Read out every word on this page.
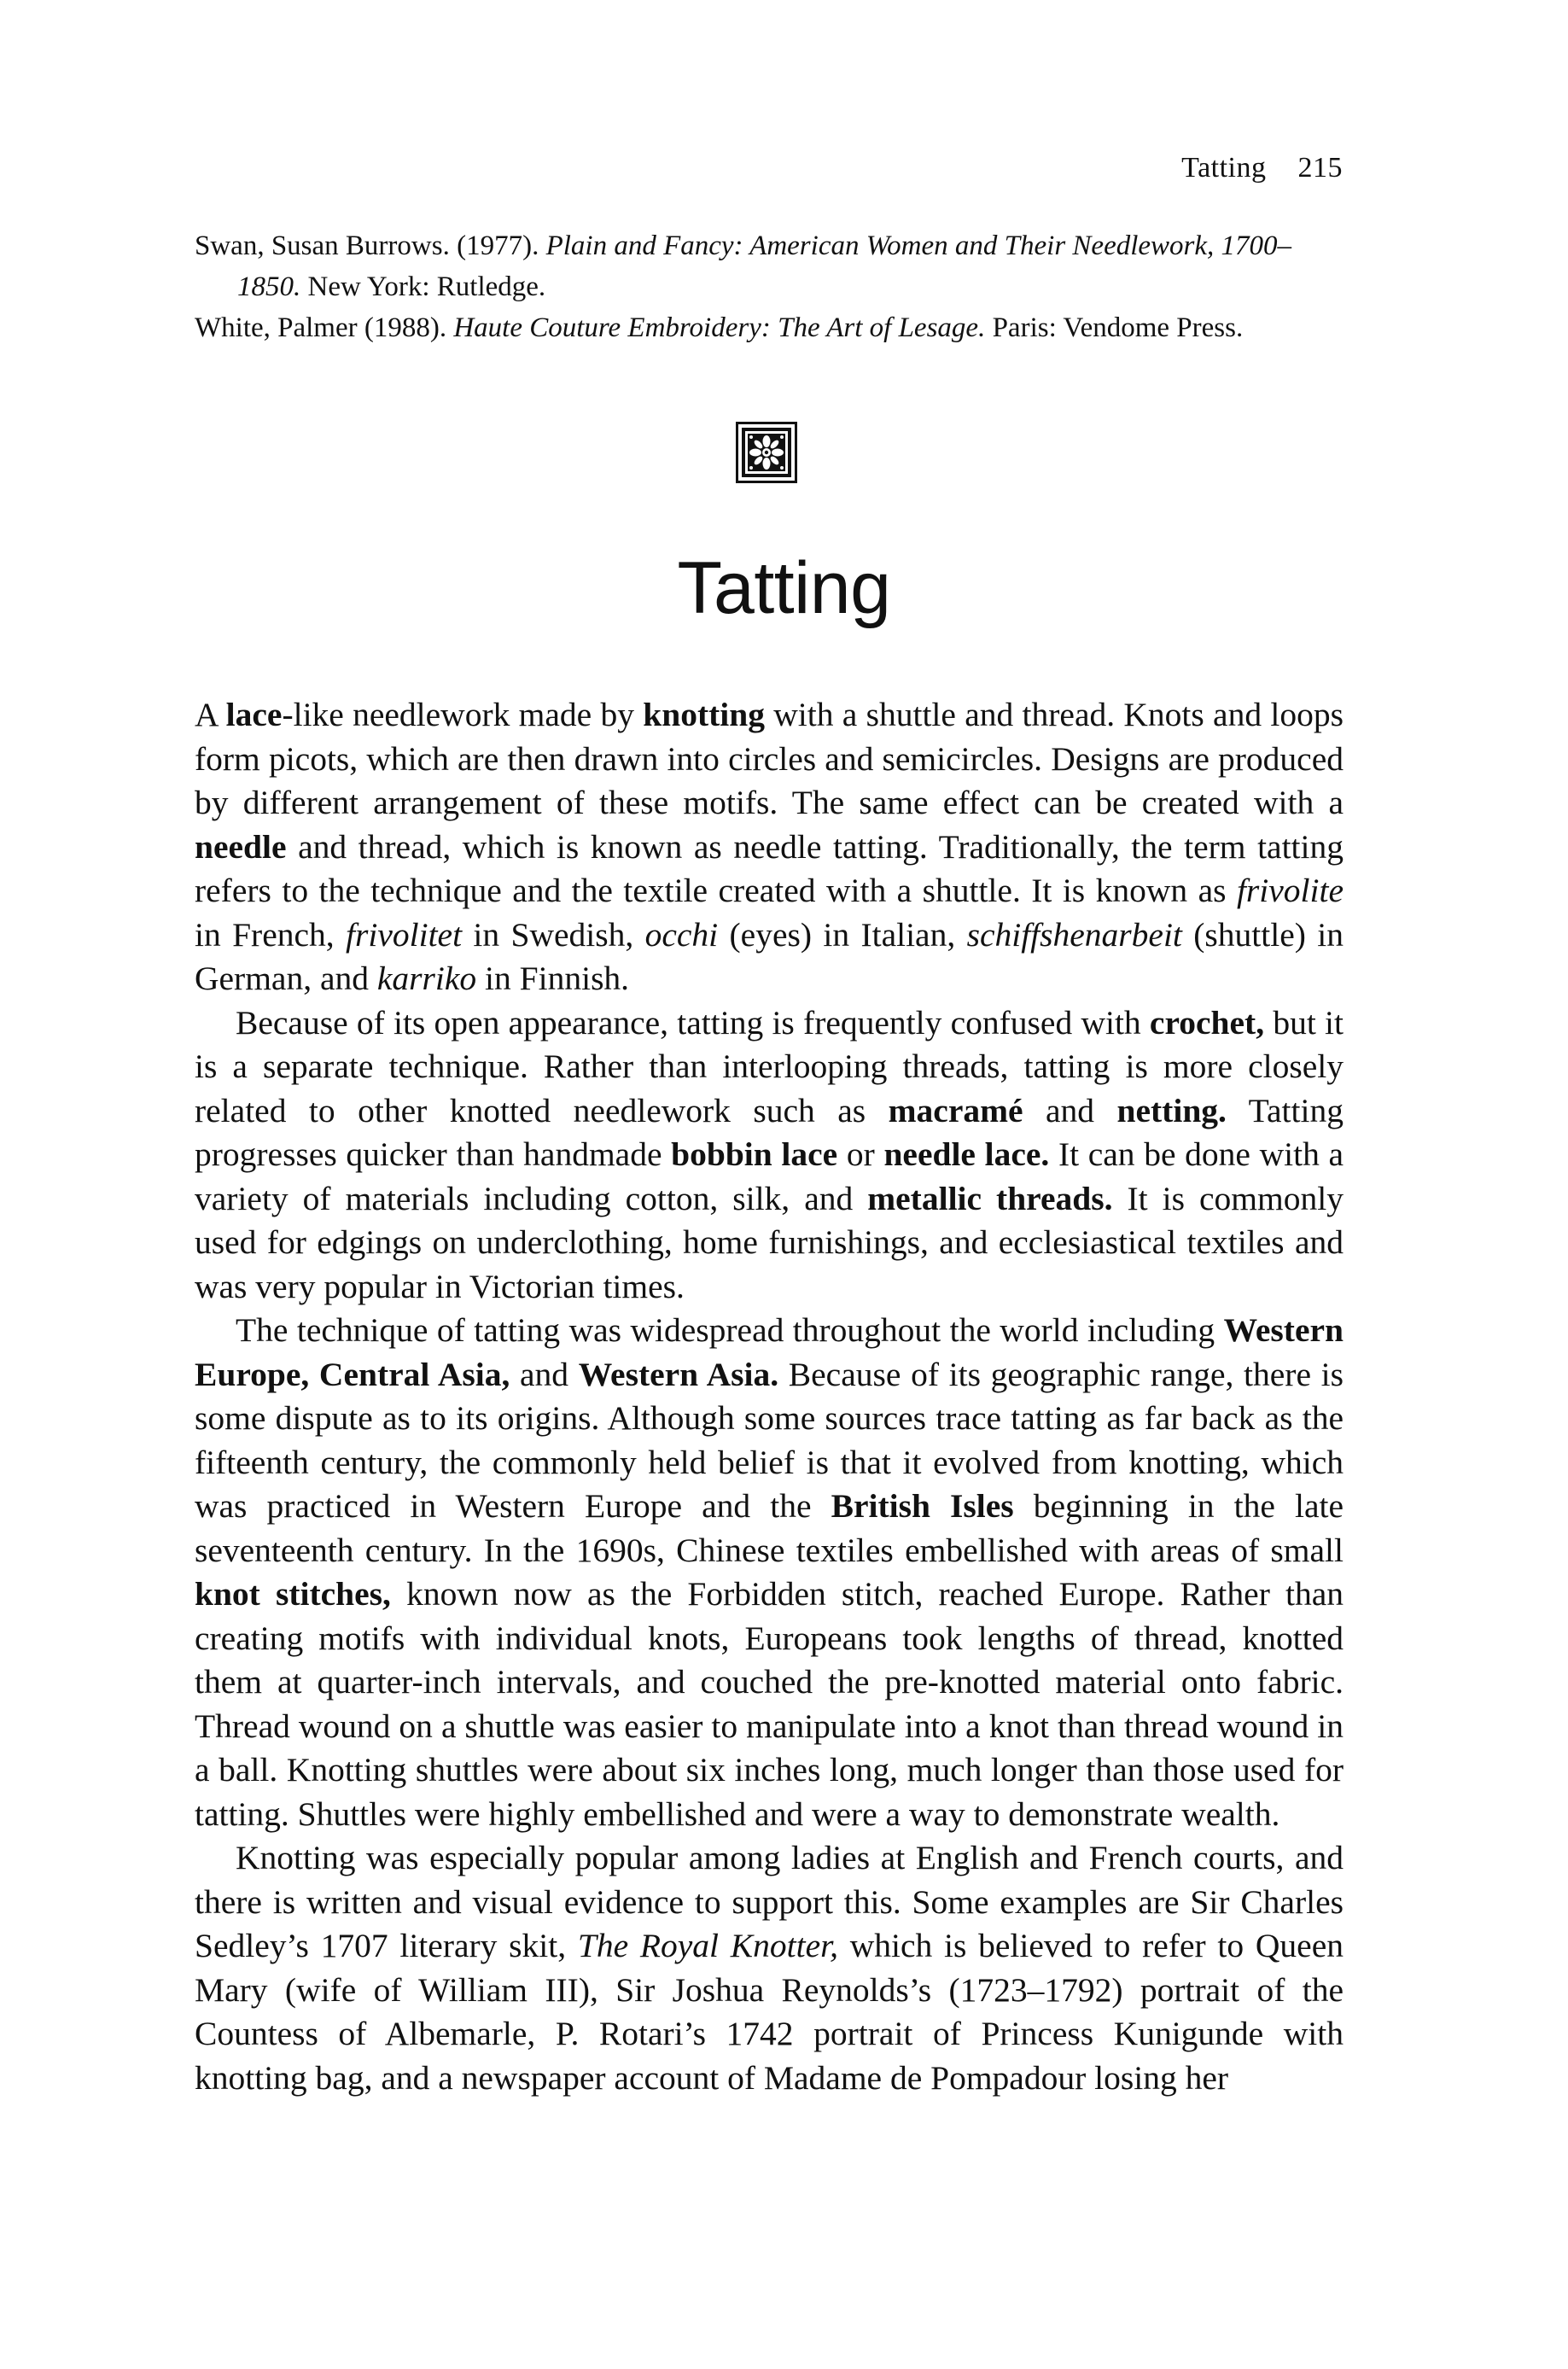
Tatting 215

Swan, Susan Burrows. (1977). Plain and Fancy: American Women and Their Needlework, 1700–1850. New York: Rutledge.

White, Palmer (1988). Haute Couture Embroidery: The Art of Lesage. Paris: Vendome Press.

Tatting

A lace-like needlework made by knotting with a shuttle and thread. Knots and loops form picots, which are then drawn into circles and semicircles. Designs are produced by different arrangement of these motifs. The same effect can be created with a needle and thread, which is known as needle tatting. Traditionally, the term tatting refers to the technique and the textile created with a shuttle. It is known as frivolite in French, frivolitet in Swedish, occhi (eyes) in Italian, schiffshenarbeit (shuttle) in German, and karriko in Finnish.

Because of its open appearance, tatting is frequently confused with crochet, but it is a separate technique. Rather than interlooping threads, tatting is more closely related to other knotted needlework such as macramé and netting. Tatting progresses quicker than handmade bobbin lace or needle lace. It can be done with a variety of materials including cotton, silk, and metallic threads. It is commonly used for edgings on underclothing, home furnishings, and ecclesiastical textiles and was very popular in Victorian times.

The technique of tatting was widespread throughout the world including Western Europe, Central Asia, and Western Asia. Because of its geographic range, there is some dispute as to its origins. Although some sources trace tatting as far back as the fifteenth century, the commonly held belief is that it evolved from knotting, which was practiced in Western Europe and the British Isles beginning in the late seventeenth century. In the 1690s, Chinese textiles embellished with areas of small knot stitches, known now as the Forbidden stitch, reached Europe. Rather than creating motifs with individual knots, Europeans took lengths of thread, knotted them at quarter-inch intervals, and couched the pre-knotted material onto fabric. Thread wound on a shuttle was easier to manipulate into a knot than thread wound in a ball. Knotting shuttles were about six inches long, much longer than those used for tatting. Shuttles were highly embellished and were a way to demonstrate wealth.

Knotting was especially popular among ladies at English and French courts, and there is written and visual evidence to support this. Some examples are Sir Charles Sedley’s 1707 literary skit, The Royal Knotter, which is believed to refer to Queen Mary (wife of William III), Sir Joshua Reynolds’s (1723–1792) portrait of the Countess of Albemarle, P. Rotari’s 1742 portrait of Princess Kunigunde with knotting bag, and a newspaper account of Madame de Pompadour losing her
